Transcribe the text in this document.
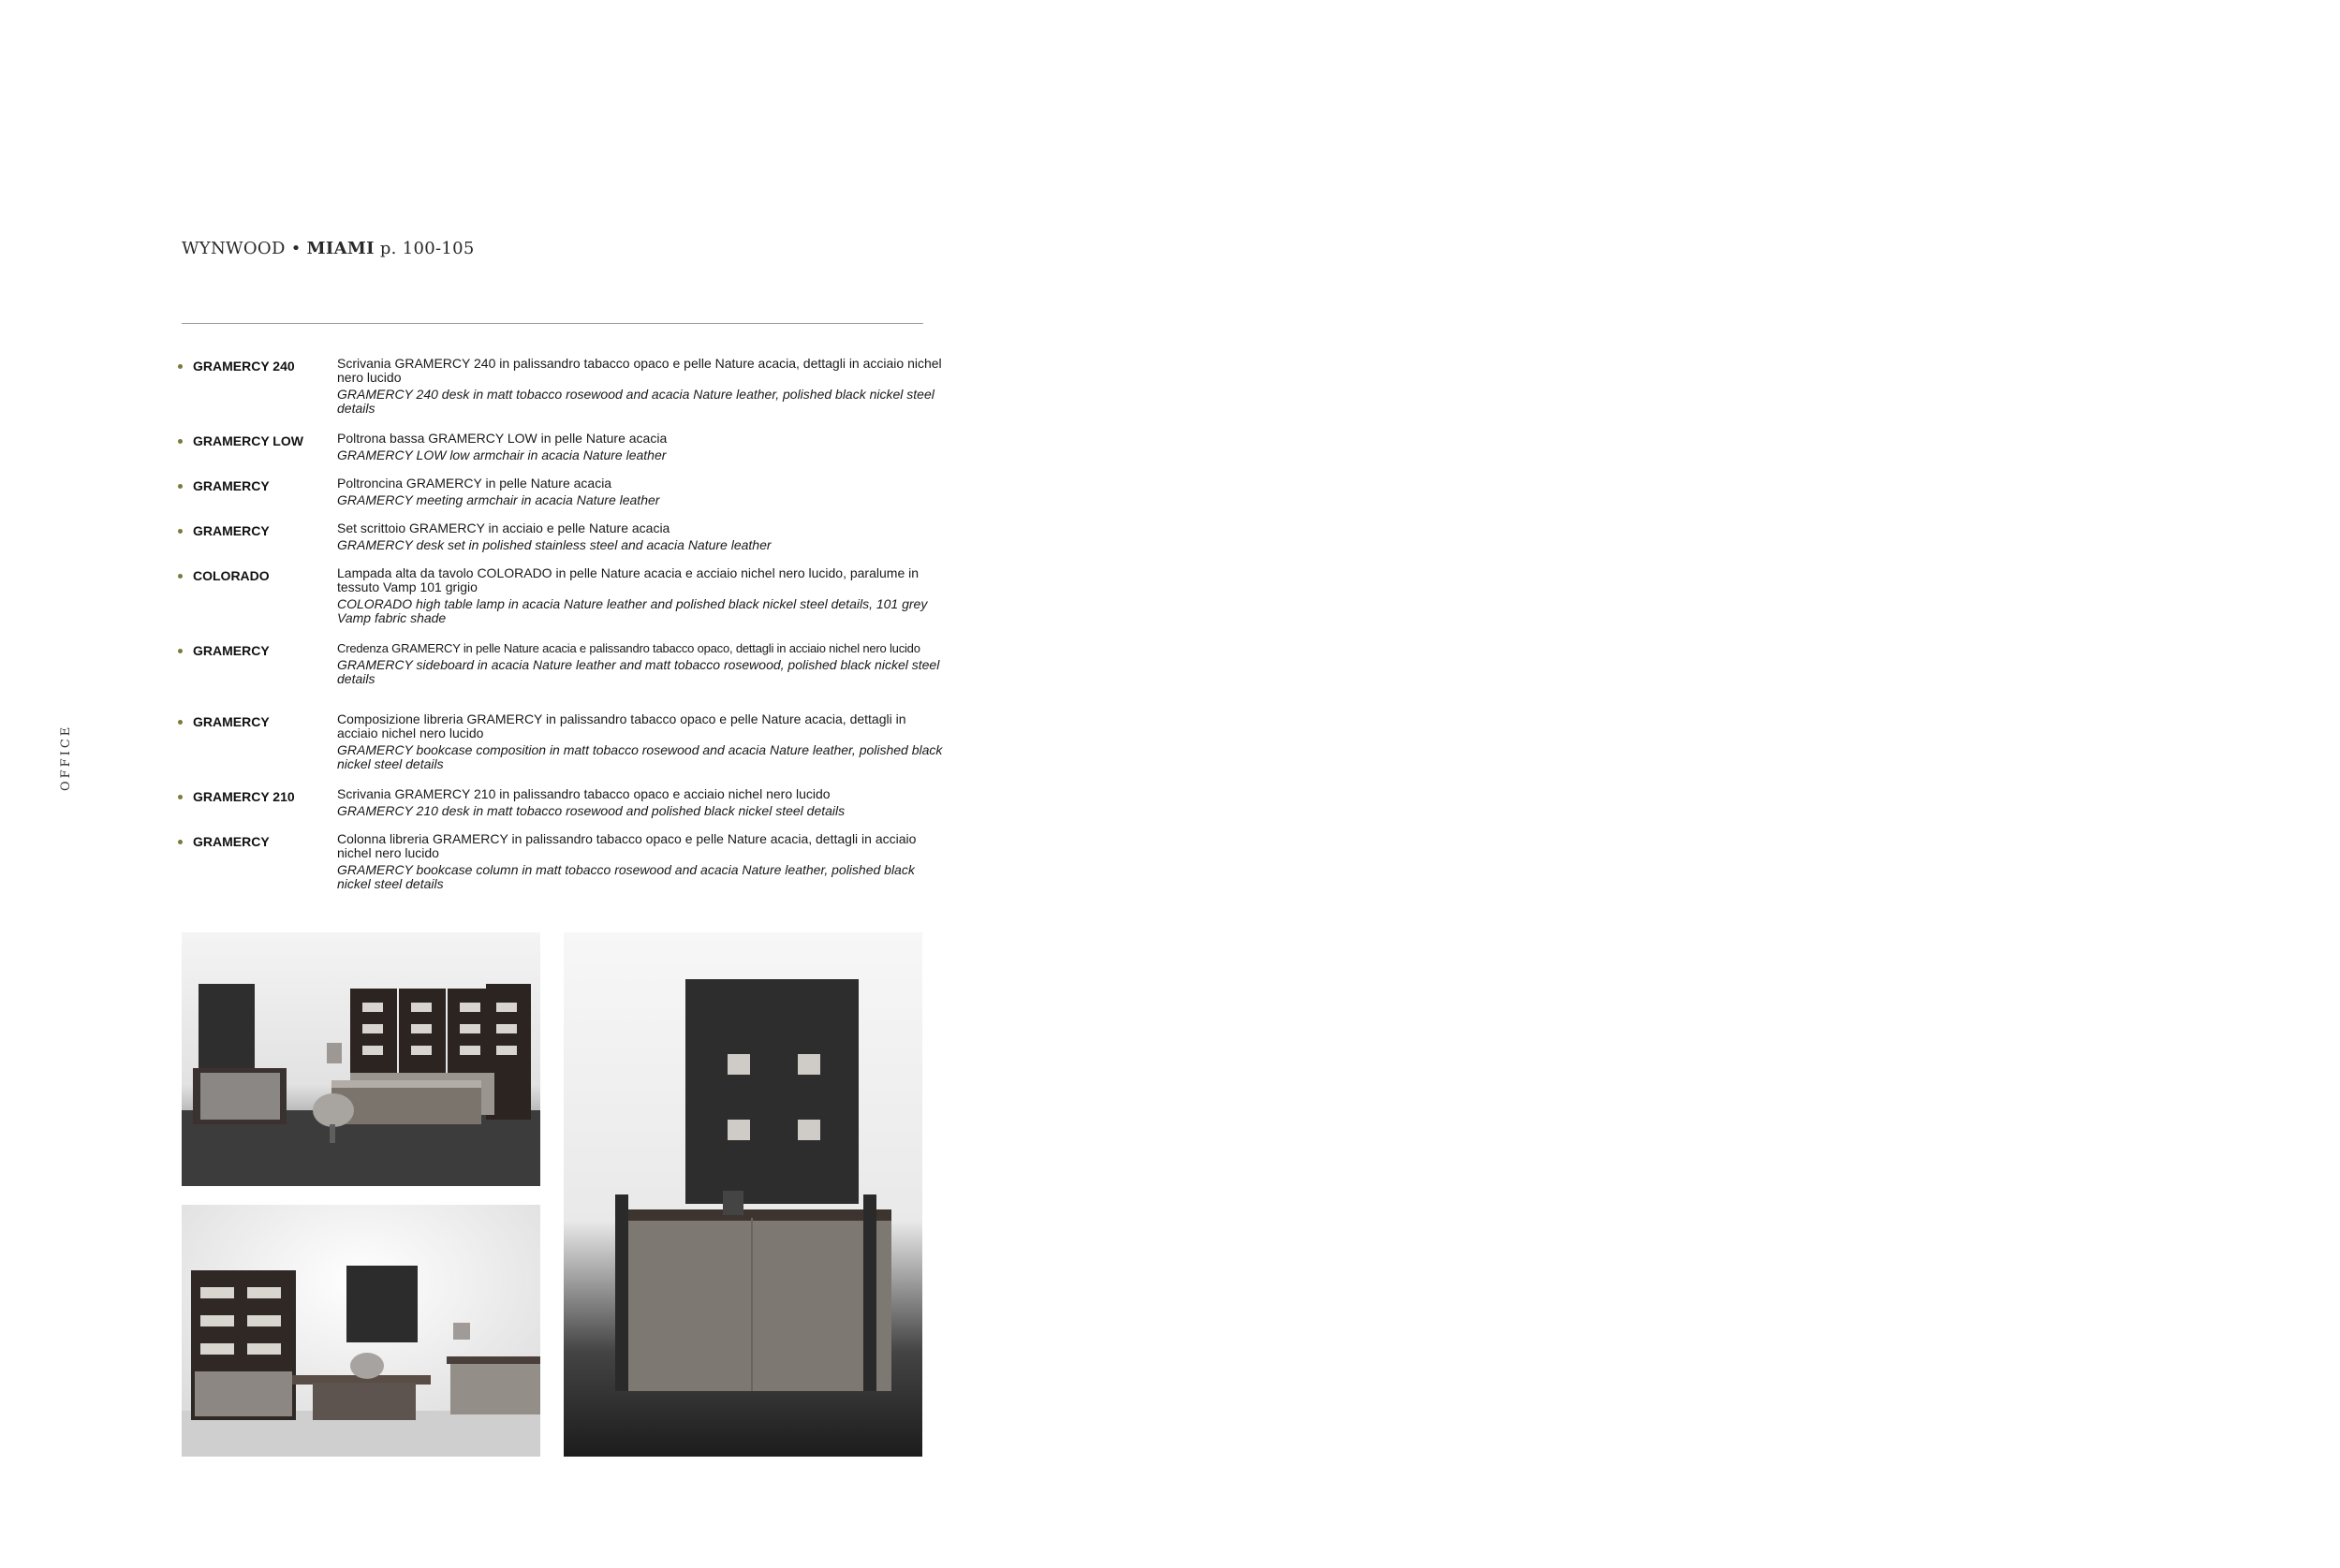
WYNWOOD • MIAMI p. 100-105
OFFICE
GRAMERCY 240	Scrivania GRAMERCY 240 in palissandro tabacco opaco e pelle Nature acacia, dettagli in acciaio nichel nero lucido
GRAMERCY 240 desk in matt tobacco rosewood and acacia Nature leather, polished black nickel steel details
GRAMERCY LOW	Poltrona bassa GRAMERCY LOW in pelle Nature acacia
GRAMERCY LOW low armchair in acacia Nature leather
GRAMERCY	Poltroncina GRAMERCY in pelle Nature acacia
GRAMERCY meeting armchair in acacia Nature leather
GRAMERCY	Set scrittoio GRAMERCY in acciaio e pelle Nature acacia
GRAMERCY desk set in polished stainless steel and acacia Nature leather
COLORADO	Lampada alta da tavolo COLORADO in pelle Nature acacia e acciaio nichel nero lucido, paralume in tessuto Vamp 101 grigio
COLORADO high table lamp in acacia Nature leather and polished black nickel steel details, 101 grey Vamp fabric shade
GRAMERCY	Credenza GRAMERCY in pelle Nature acacia e palissandro tabacco opaco, dettagli in acciaio nichel nero lucido
GRAMERCY sideboard in acacia Nature leather and matt tobacco rosewood, polished black nickel steel details
GRAMERCY	Composizione libreria GRAMERCY in palissandro tabacco opaco e pelle Nature acacia, dettagli in acciaio nichel nero lucido
GRAMERCY bookcase composition in matt tobacco rosewood and acacia Nature leather, polished black nickel steel details
GRAMERCY 210	Scrivania GRAMERCY 210 in palissandro tabacco opaco e acciaio nichel nero lucido
GRAMERCY 210 desk in matt tobacco rosewood and polished black nickel steel details
GRAMERCY	Colonna libreria GRAMERCY in palissandro tabacco opaco e pelle Nature acacia, dettagli in acciaio nichel nero lucido
GRAMERCY bookcase column in matt tobacco rosewood and acacia Nature leather, polished black nickel steel details
